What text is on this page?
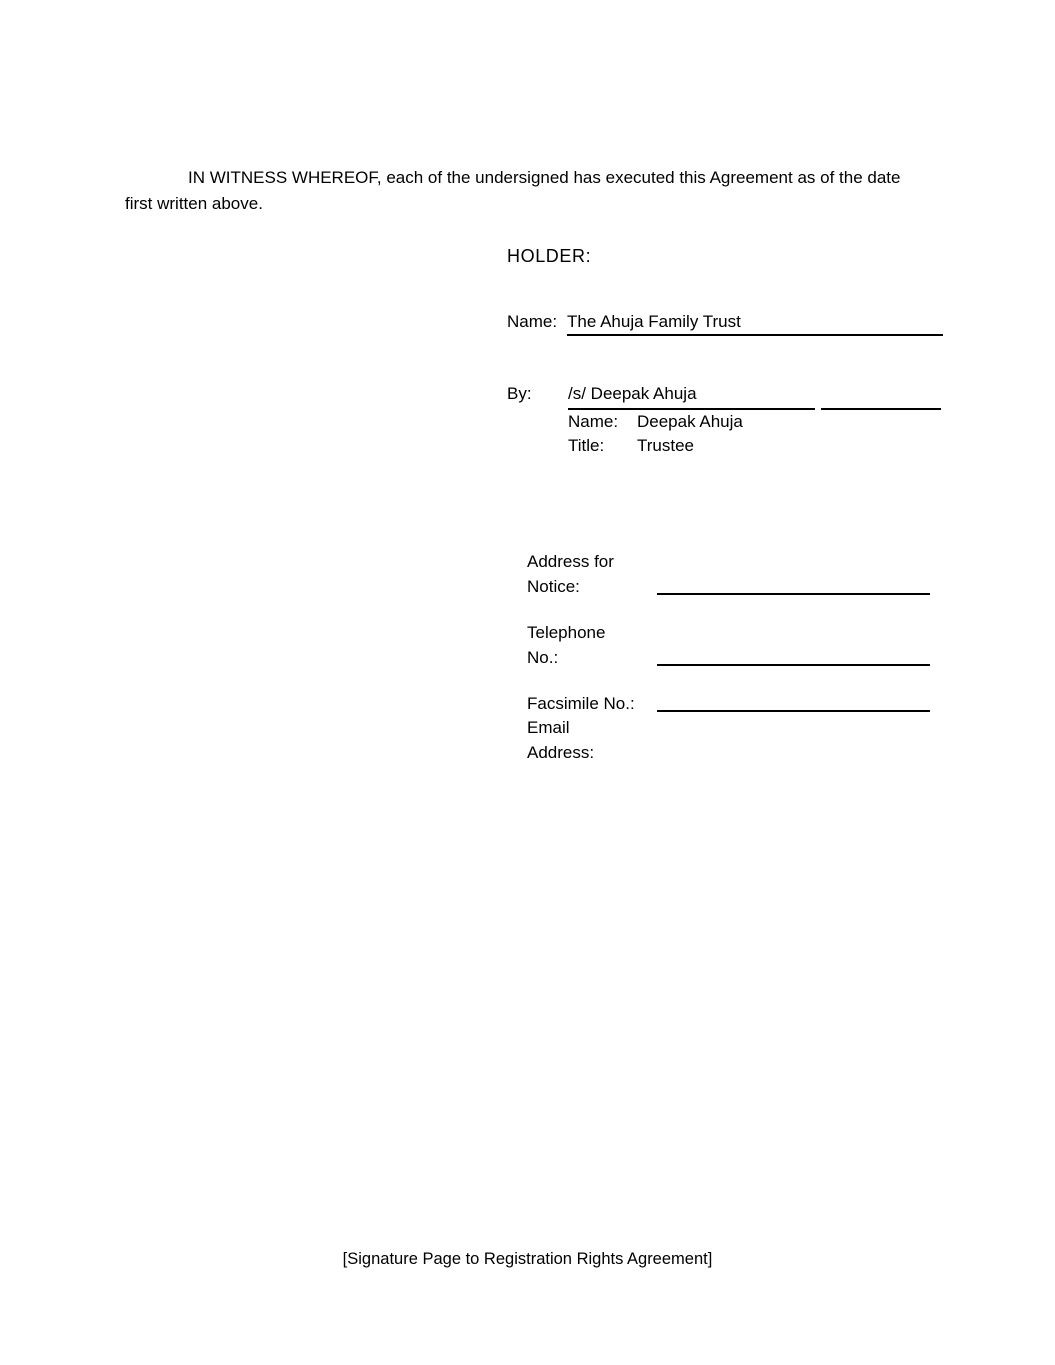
IN WITNESS WHEREOF, each of the undersigned has executed this Agreement as of the date first written above.

HOLDER:
Name: The Ahuja Family Trust
By:	/s/ Deepak Ahuja
Name: Deepak Ahuja
Title: Trustee
Address for
Notice:
Telephone
No.:
Facsimile No.:
Email
Address:
[Signature Page to Registration Rights Agreement]
